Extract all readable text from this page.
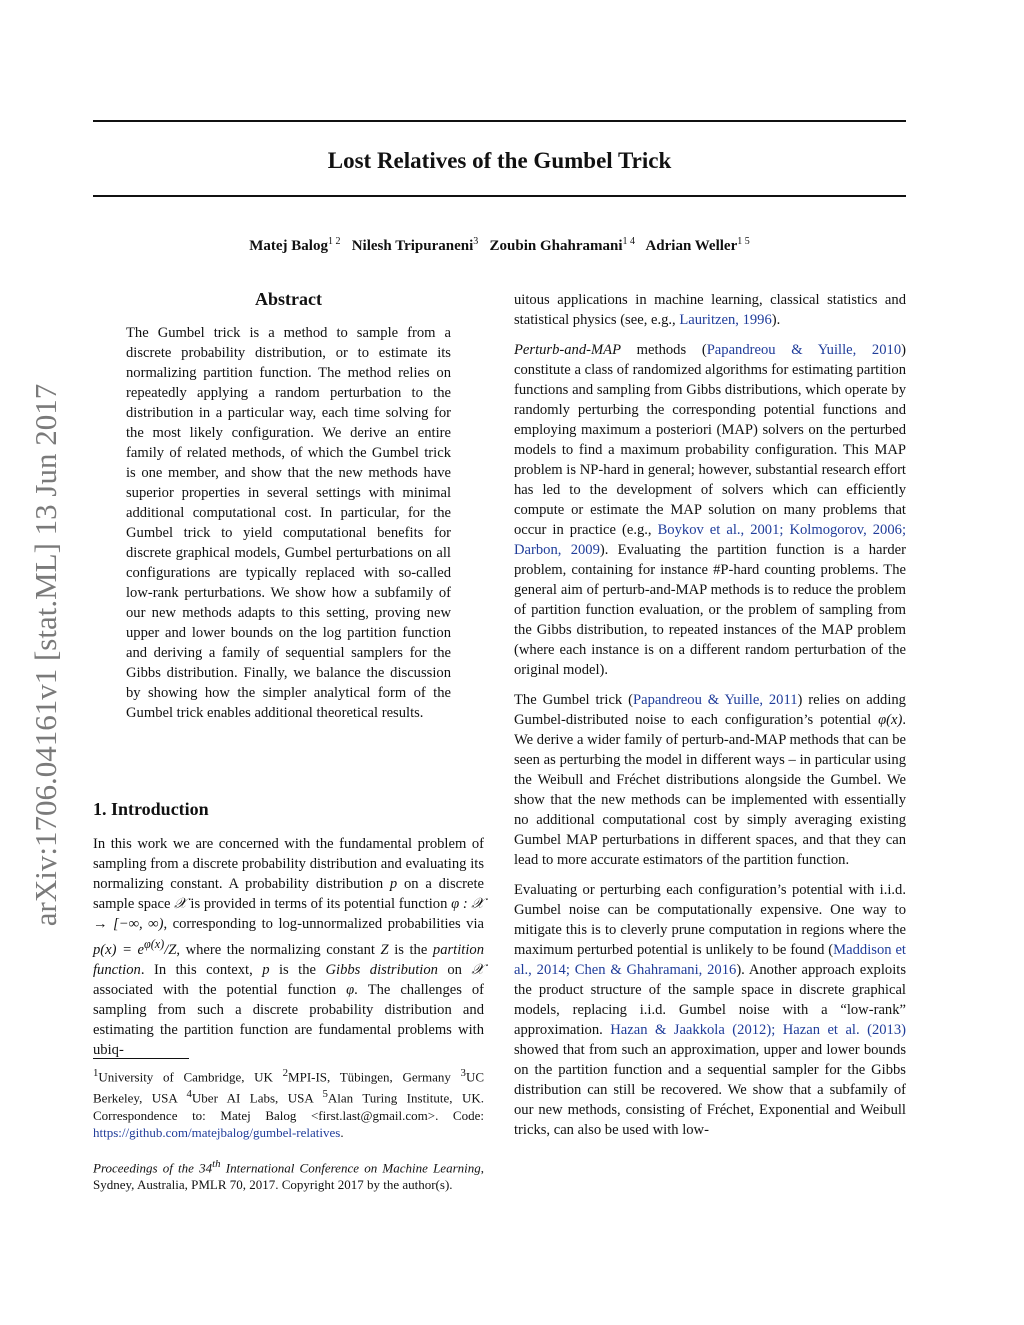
Lost Relatives of the Gumbel Trick
Matej Balog$^{1 2}$ Nilesh Tripuraneni$^3$ Zoubin Ghahramani$^{1 4}$ Adrian Weller$^{1 5}$
arXiv:1706.04161v1 [stat.ML] 13 Jun 2017
Abstract

The Gumbel trick is a method to sample from a discrete probability distribution, or to estimate its normalizing partition function. The method relies on repeatedly applying a random perturbation to the distribution in a particular way, each time solving for the most likely configuration. We derive an entire family of related methods, of which the Gumbel trick is one member, and show that the new methods have superior properties in several settings with minimal additional computational cost. In particular, for the Gumbel trick to yield computational benefits for discrete graphical models, Gumbel perturbations on all configurations are typically replaced with so-called low-rank perturbations. We show how a subfamily of our new methods adapts to this setting, proving new upper and lower bounds on the log partition function and deriving a family of sequential samplers for the Gibbs distribution. Finally, we balance the discussion by showing how the simpler analytical form of the Gumbel trick enables additional theoretical results.

1. Introduction

In this work we are concerned with the fundamental problem of sampling from a discrete probability distribution and evaluating its normalizing constant. A probability distribution p on a discrete sample space 𝒳 is provided in terms of its potential function φ : 𝒳 → [−∞, ∞), corresponding to log-unnormalized probabilities via $p(x) = e^{\varphi(x)}/Z$, where the normalizing constant Z is the partition function. In this context, p is the Gibbs distribution on 𝒳 associated with the potential function φ. The challenges of sampling from such a discrete probability distribution and estimating the partition function are fundamental problems with ubiq-

$^1$University of Cambridge, UK $^2$MPI-IS, Tübingen, Germany $^3$UC Berkeley, USA $^4$Uber AI Labs, USA $^5$Alan Turing Institute, UK. Correspondence to: Matej Balog <first.last@gmail.com>. Code: https://github.com/matejbalog/gumbel-relatives.

Proceedings of the 34th International Conference on Machine Learning, Sydney, Australia, PMLR 70, 2017. Copyright 2017 by the author(s).

uitous applications in machine learning, classical statistics and statistical physics (see, e.g., Lauritzen, 1996).

Perturb-and-MAP methods (Papandreou & Yuille, 2010) constitute a class of randomized algorithms for estimating partition functions and sampling from Gibbs distributions, which operate by randomly perturbing the corresponding potential functions and employing maximum a posteriori (MAP) solvers on the perturbed models to find a maximum probability configuration. This MAP problem is NP-hard in general; however, substantial research effort has led to the development of solvers which can efficiently compute or estimate the MAP solution on many problems that occur in practice (e.g., Boykov et al., 2001; Kolmogorov, 2006; Darbon, 2009). Evaluating the partition function is a harder problem, containing for instance #P-hard counting problems. The general aim of perturb-and-MAP methods is to reduce the problem of partition function evaluation, or the problem of sampling from the Gibbs distribution, to repeated instances of the MAP problem (where each instance is on a different random perturbation of the original model).

The Gumbel trick (Papandreou & Yuille, 2011) relies on adding Gumbel-distributed noise to each configuration’s potential φ(x). We derive a wider family of perturb-and-MAP methods that can be seen as perturbing the model in different ways – in particular using the Weibull and Fréchet distributions alongside the Gumbel. We show that the new methods can be implemented with essentially no additional computational cost by simply averaging existing Gumbel MAP perturbations in different spaces, and that they can lead to more accurate estimators of the partition function.

Evaluating or perturbing each configuration’s potential with i.i.d. Gumbel noise can be computationally expensive. One way to mitigate this is to cleverly prune computation in regions where the maximum perturbed potential is unlikely to be found (Maddison et al., 2014; Chen & Ghahramani, 2016). Another approach exploits the product structure of the sample space in discrete graphical models, replacing i.i.d. Gumbel noise with a “low-rank” approximation. Hazan & Jaakkola (2012); Hazan et al. (2013) showed that from such an approximation, upper and lower bounds on the partition function and a sequential sampler for the Gibbs distribution can still be recovered. We show that a subfamily of our new methods, consisting of Fréchet, Exponential and Weibull tricks, can also be used with low-
